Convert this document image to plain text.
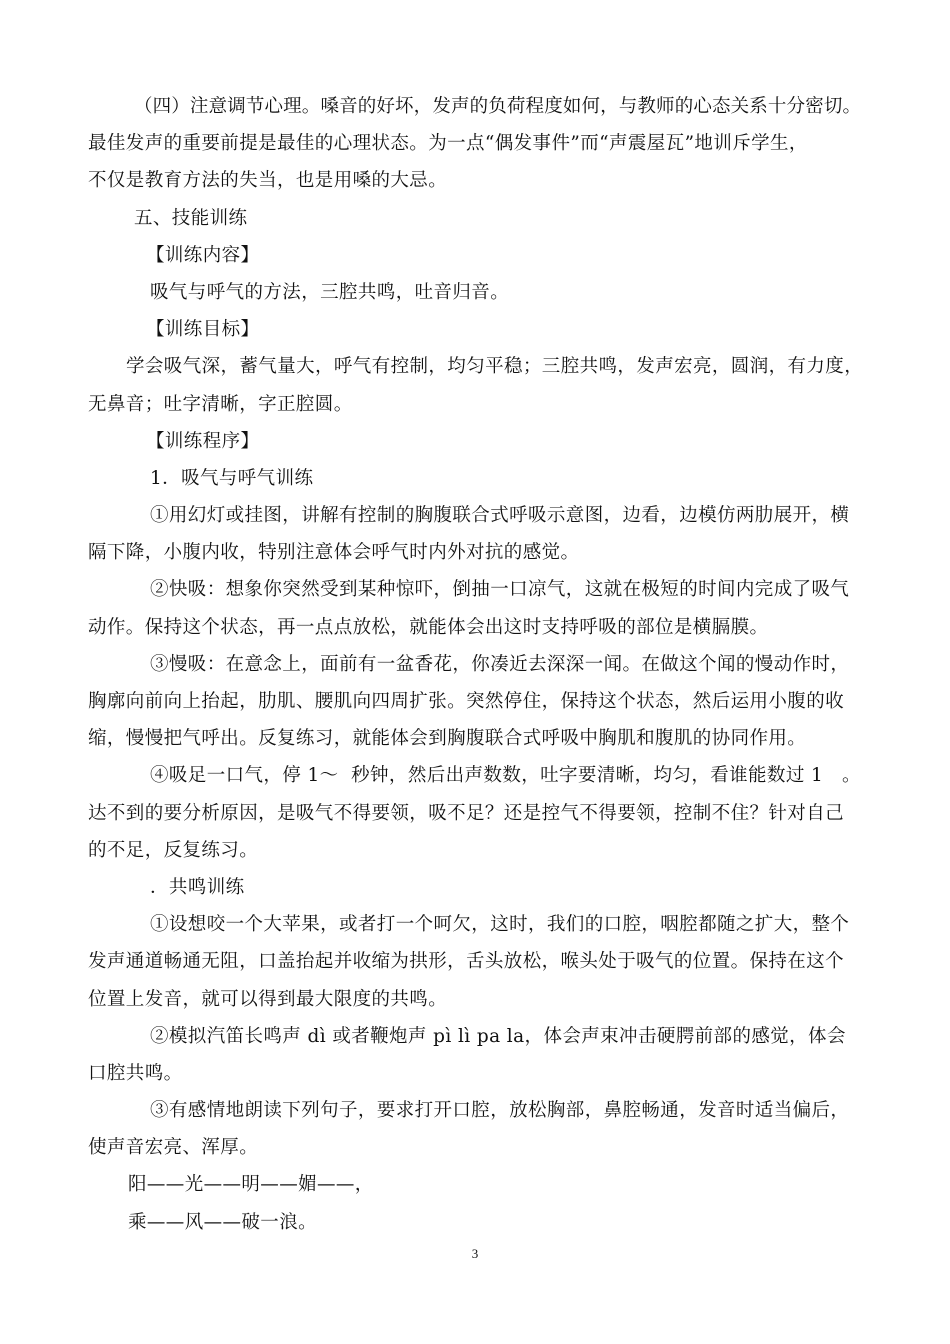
（四）注意调节心理。嗓音的好坏，发声的负荷程度如何，与教师的心态关系十分密切。
最佳发声的重要前提是最佳的心理状态。为一点“偶发事件”而“声震屋瓦”地训斥学生，
不仅是教育方法的失当，也是用嗓的大忌。
五、技能训练
【训练内容】
吸气与呼气的方法，三腔共鸣，吐音归音。
【训练目标】
学会吸气深，蓄气量大，呼气有控制，均匀平稳；三腔共鸣，发声宏亮，圆润，有力度，
无鼻音；吐字清晰，字正腔圆。
【训练程序】
1．吸气与呼气训练
①用幻灯或挂图，讲解有控制的胸腹联合式呼吸示意图，边看，边模仿两肋展开，横
隔下降，小腹内收，特别注意体会呼气时内外对抗的感觉。
②快吸：想象你突然受到某种惊吓，倒抽一口凉气，这就在极短的时间内完成了吸气
动作。保持这个状态，再一点点放松，就能体会出这时支持呼吸的部位是横膈膜。
③慢吸：在意念上，面前有一盆香花，你凑近去深深一闻。在做这个闻的慢动作时，
胸廓向前向上抬起，肋肌、腰肌向四周扩张。突然停住，保持这个状态，然后运用小腹的收
缩，慢慢把气呼出。反复练习，就能体会到胸腹联合式呼吸中胸肌和腹肌的协同作用。
④吸足一口气，停 1～  秒钟，然后出声数数，吐字要清晰，均匀，看谁能数过 1   。
达不到的要分析原因，是吸气不得要领，吸不足？还是控气不得要领，控制不住？针对自己
的不足，反复练习。
．共鸣训练
①设想咬一个大苹果，或者打一个呵欠，这时，我们的口腔，咽腔都随之扩大，整个
发声通道畅通无阻，口盖抬起并收缩为拱形，舌头放松，喉头处于吸气的位置。保持在这个
位置上发音，就可以得到最大限度的共鸣。
②模拟汽笛长鸣声 dì 或者鞭炮声 pì lì pa la，体会声束冲击硬腭前部的感觉，体会
口腔共鸣。
③有感情地朗读下列句子，要求打开口腔，放松胸部，鼻腔畅通，发音时适当偏后，
使声音宏亮、浑厚。
阳——光——明——媚——，
乘——风——破一浪。
3
